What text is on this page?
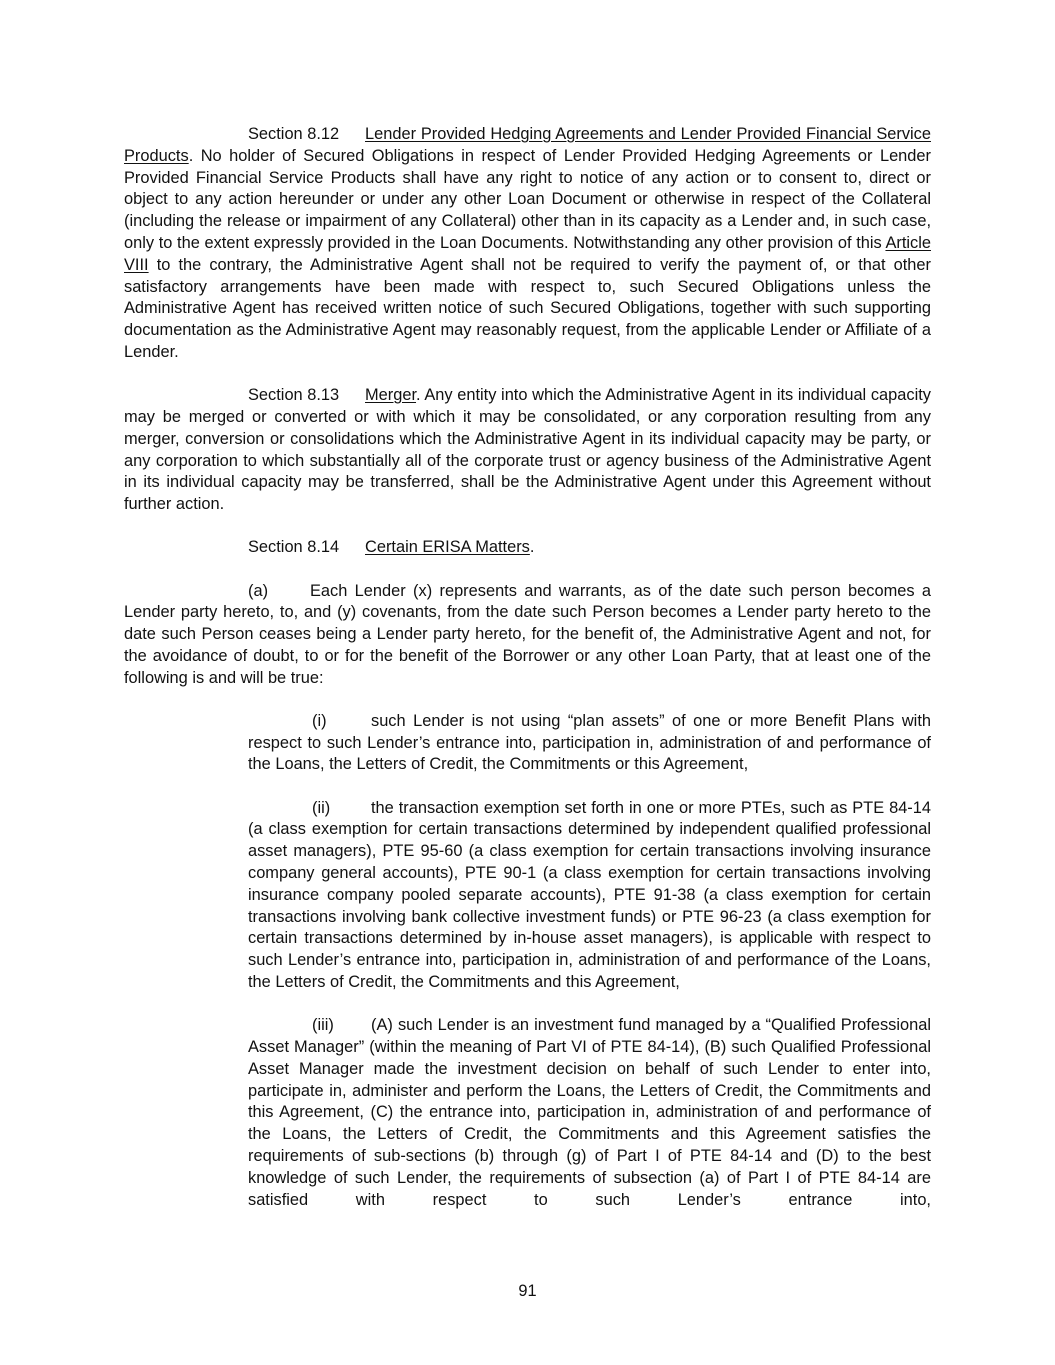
Section 8.12 Lender Provided Hedging Agreements and Lender Provided Financial Service Products. No holder of Secured Obligations in respect of Lender Provided Hedging Agreements or Lender Provided Financial Service Products shall have any right to notice of any action or to consent to, direct or object to any action hereunder or under any other Loan Document or otherwise in respect of the Collateral (including the release or impairment of any Collateral) other than in its capacity as a Lender and, in such case, only to the extent expressly provided in the Loan Documents. Notwithstanding any other provision of this Article VIII to the contrary, the Administrative Agent shall not be required to verify the payment of, or that other satisfactory arrangements have been made with respect to, such Secured Obligations unless the Administrative Agent has received written notice of such Secured Obligations, together with such supporting documentation as the Administrative Agent may reasonably request, from the applicable Lender or Affiliate of a Lender.

Section 8.13 Merger. Any entity into which the Administrative Agent in its individual capacity may be merged or converted or with which it may be consolidated, or any corporation resulting from any merger, conversion or consolidations which the Administrative Agent in its individual capacity may be party, or any corporation to which substantially all of the corporate trust or agency business of the Administrative Agent in its individual capacity may be transferred, shall be the Administrative Agent under this Agreement without further action.

Section 8.14 Certain ERISA Matters.

(a)	Each Lender (x) represents and warrants, as of the date such person becomes a Lender party hereto, to, and (y) covenants, from the date such Person becomes a Lender party hereto to the date such Person ceases being a Lender party hereto, for the benefit of, the Administrative Agent and not, for the avoidance of doubt, to or for the benefit of the Borrower or any other Loan Party, that at least one of the following is and will be true:

(i)	such Lender is not using “plan assets” of one or more Benefit Plans with respect to such Lender’s entrance into, participation in, administration of and performance of the Loans, the Letters of Credit, the Commitments or this Agreement,

(ii) the transaction exemption set forth in one or more PTEs, such as PTE 84-14 (a class exemption for certain transactions determined by independent qualified professional asset managers), PTE 95-60 (a class exemption for certain transactions involving insurance company general accounts), PTE 90-1 (a class exemption for certain transactions involving insurance company pooled separate accounts), PTE 91-38 (a class exemption for certain transactions involving bank collective investment funds) or PTE 96-23 (a class exemption for certain transactions determined by in-house asset managers), is applicable with respect to such Lender’s entrance into, participation in, administration of and performance of the Loans, the Letters of Credit, the Commitments and this Agreement,

(iii) (A) such Lender is an investment fund managed by a “Qualified Professional Asset Manager” (within the meaning of Part VI of PTE 84-14), (B) such Qualified Professional Asset Manager made the investment decision on behalf of such Lender to enter into, participate in, administer and perform the Loans, the Letters of Credit, the Commitments and this Agreement, (C) the entrance into, participation in, administration of and performance of the Loans, the Letters of Credit, the Commitments and this Agreement satisfies the requirements of sub-sections (b) through (g) of Part I of PTE 84-14 and (D) to the best knowledge of such Lender, the requirements of subsection (a) of Part I of PTE 84-14 are satisfied with respect to such Lender’s entrance into,

91
